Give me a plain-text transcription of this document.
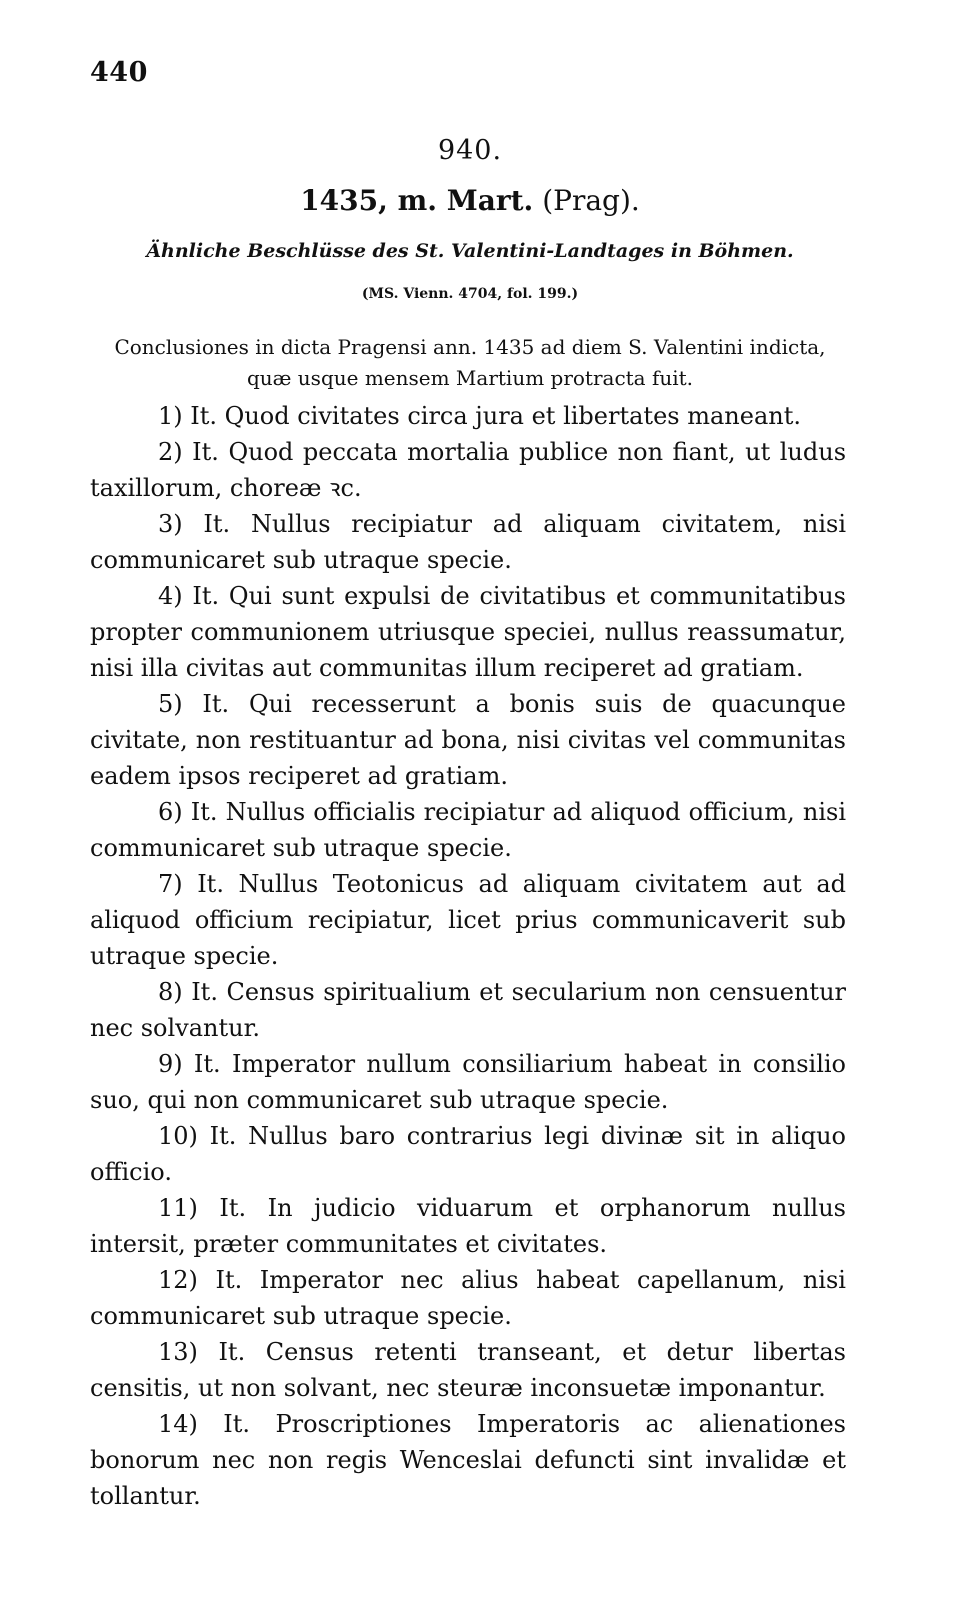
440
940.
1435, m. Mart. (Prag).
Ähnliche Beschlüsse des St. Valentini-Landtages in Böhmen.
(MS. Vienn. 4704, fol. 199.)
Conclusiones in dicta Pragensi ann. 1435 ad diem S. Valentini indicta, quæ usque mensem Martium protracta fuit.

1) It. Quod civitates circa jura et libertates maneant.

2) It. Quod peccata mortalia publice non fiant, ut ludus taxillorum, choreæ ꝛc.

3) It. Nullus recipiatur ad aliquam civitatem, nisi communicaret sub utraque specie.

4) It. Qui sunt expulsi de civitatibus et communitatibus propter communionem utriusque speciei, nullus reassumatur, nisi illa civitas aut communitas illum reciperet ad gratiam.

5) It. Qui recesserunt a bonis suis de quacunque civitate, non restituantur ad bona, nisi civitas vel communitas eadem ipsos reciperet ad gratiam.

6) It. Nullus officialis recipiatur ad aliquod officium, nisi communicaret sub utraque specie.

7) It. Nullus Teotonicus ad aliquam civitatem aut ad aliquod officium recipiatur, licet prius communicaverit sub utraque specie.

8) It. Census spiritualium et secularium non censuentur nec solvantur.

9) It. Imperator nullum consiliarium habeat in consilio suo, qui non communicaret sub utraque specie.

10) It. Nullus baro contrarius legi divinæ sit in aliquo officio.

11) It. In judicio viduarum et orphanorum nullus intersit, præter communitates et civitates.

12) It. Imperator nec alius habeat capellanum, nisi communicaret sub utraque specie.

13) It. Census retenti transeant, et detur libertas censitis, ut non solvant, nec steuræ inconsuetæ imponantur.

14) It. Proscriptiones Imperatoris ac alienationes bonorum nec non regis Wenceslai defuncti sint invalidæ et tollantur.
